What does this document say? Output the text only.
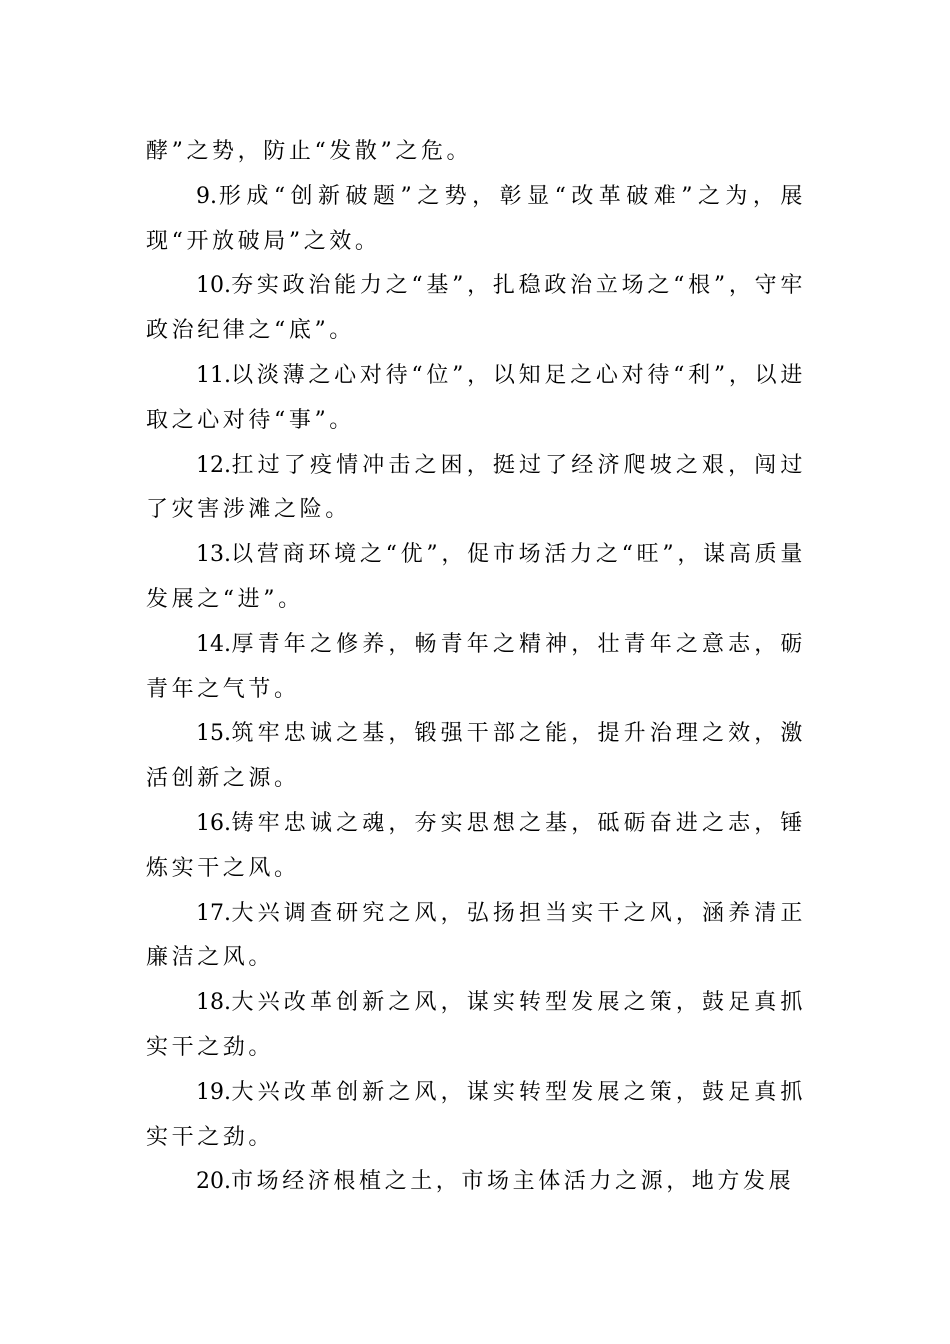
酵”之势，防止“发散”之危。

9.形成“创新破题”之势，彰显“改革破难”之为，展现“开放破局”之效。

10.夯实政治能力之“基”，扎稳政治立场之“根”，守牢政治纪律之“底”。

11.以淡薄之心对待“位”，以知足之心对待“利”，以进取之心对待“事”。

12.扛过了疫情冲击之困，挺过了经济爬坡之艰，闯过了灾害涉滩之险。

13.以营商环境之“优”，促市场活力之“旺”，谋高质量发展之“进”。

14.厚青年之修养，畅青年之精神，壮青年之意志，砺青年之气节。

15.筑牢忠诚之基，锻强干部之能，提升治理之效，激活创新之源。

16.铸牢忠诚之魂，夯实思想之基，砥砺奋进之志，锤炼实干之风。

17.大兴调查研究之风，弘扬担当实干之风，涵养清正廉洁之风。

18.大兴改革创新之风，谋实转型发展之策，鼓足真抓实干之劲。

19.大兴改革创新之风，谋实转型发展之策，鼓足真抓实干之劲。

20.市场经济根植之土，市场主体活力之源，地方发展
